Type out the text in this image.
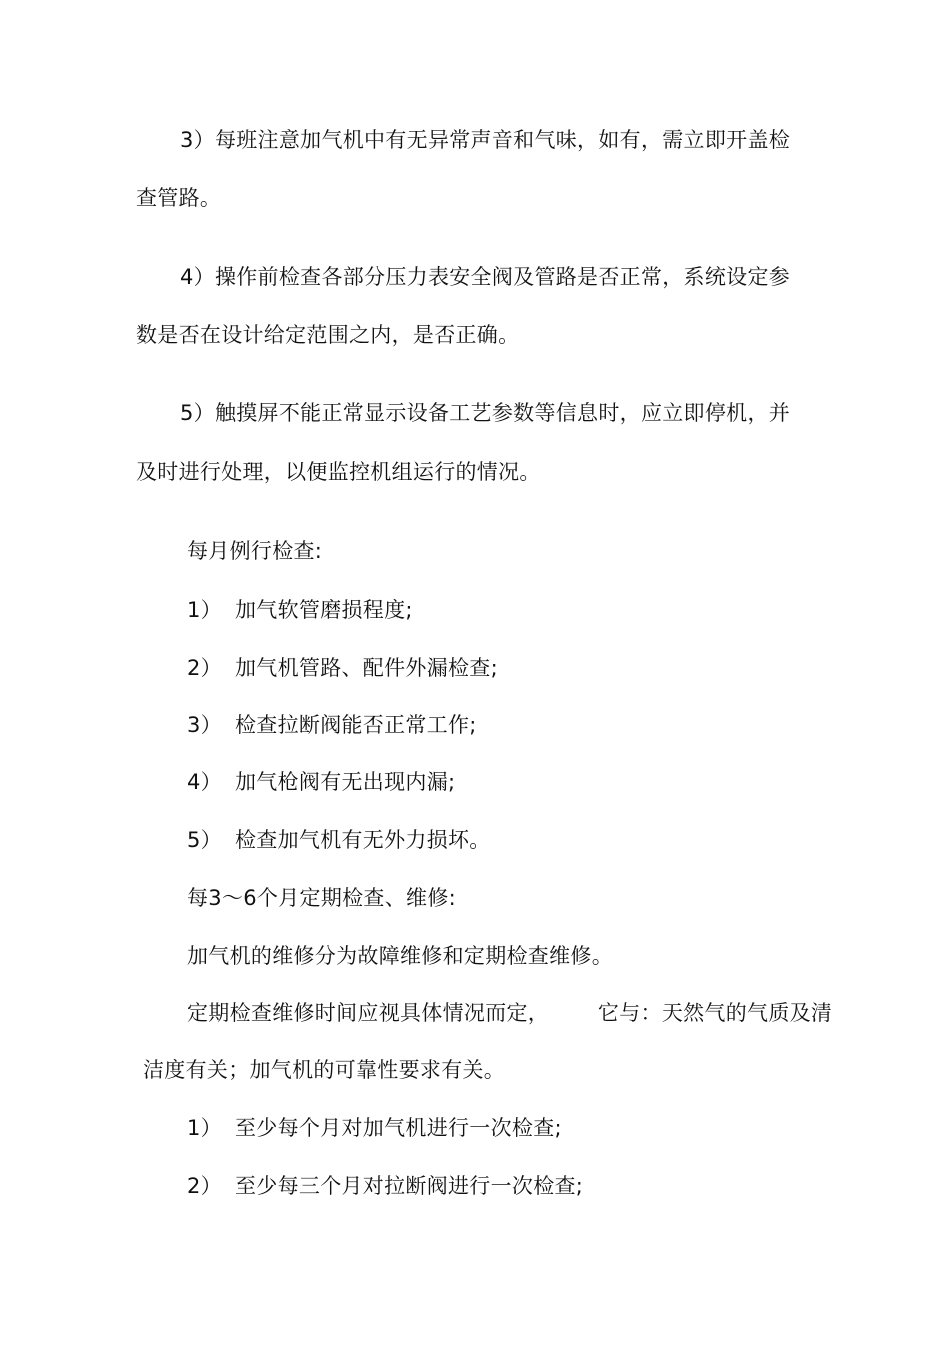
3）每班注意加气机中有无异常声音和气味，如有，需立即开盖检
查管路。
4）操作前检查各部分压力表安全阀及管路是否正常，系统设定参
数是否在设计给定范围之内，是否正确。
5）触摸屏不能正常显示设备工艺参数等信息时，应立即停机，并
及时进行处理，以便监控机组运行的情况。
每月例行检查:
1） 加气软管磨损程度;
2） 加气机管路、配件外漏检查;
3） 检查拉断阀能否正常工作;
4） 加气枪阀有无出现内漏;
5） 检查加气机有无外力损坏。
每3～6个月定期检查、维修:
加气机的维修分为故障维修和定期检查维修。
定期检查维修时间应视具体情况而定，       它与：天然气的气质及清
洁度有关；加气机的可靠性要求有关。
1） 至少每个月对加气机进行一次检查;
2） 至少每三个月对拉断阀进行一次检查;
